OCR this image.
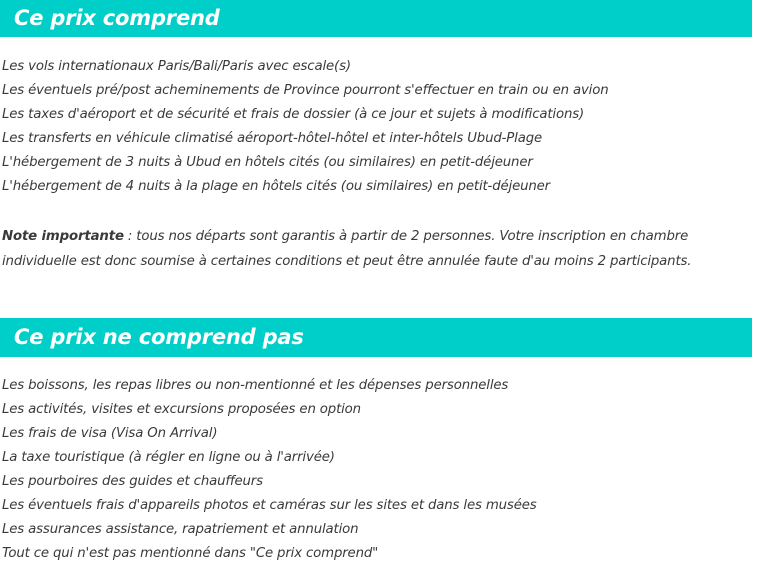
Ce prix comprend
Les vols internationaux Paris/Bali/Paris avec escale(s)
Les éventuels pré/post acheminements de Province pourront s'effectuer en train ou en avion
Les taxes d'aéroport et de sécurité et frais de dossier (à ce jour et sujets à modifications)
Les transferts en véhicule climatisé aéroport-hôtel-hôtel et inter-hôtels Ubud-Plage
L'hébergement de 3 nuits à Ubud en hôtels cités (ou similaires) en petit-déjeuner
L'hébergement de 4 nuits à la plage en hôtels cités (ou similaires) en petit-déjeuner
Note importante : tous nos départs sont garantis à partir de 2 personnes. Votre inscription en chambre individuelle est donc soumise à certaines conditions et peut être annulée faute d'au moins 2 participants.
Ce prix ne comprend pas
Les boissons, les repas libres ou non-mentionné et les dépenses personnelles
Les activités, visites et excursions proposées en option
Les frais de visa (Visa On Arrival)
La taxe touristique (à régler en ligne ou à l'arrivée)
Les pourboires des guides et chauffeurs
Les éventuels frais d'appareils photos et caméras sur les sites et dans les musées
Les assurances assistance, rapatriement et annulation
Tout ce qui n'est pas mentionné dans "Ce prix comprend"
